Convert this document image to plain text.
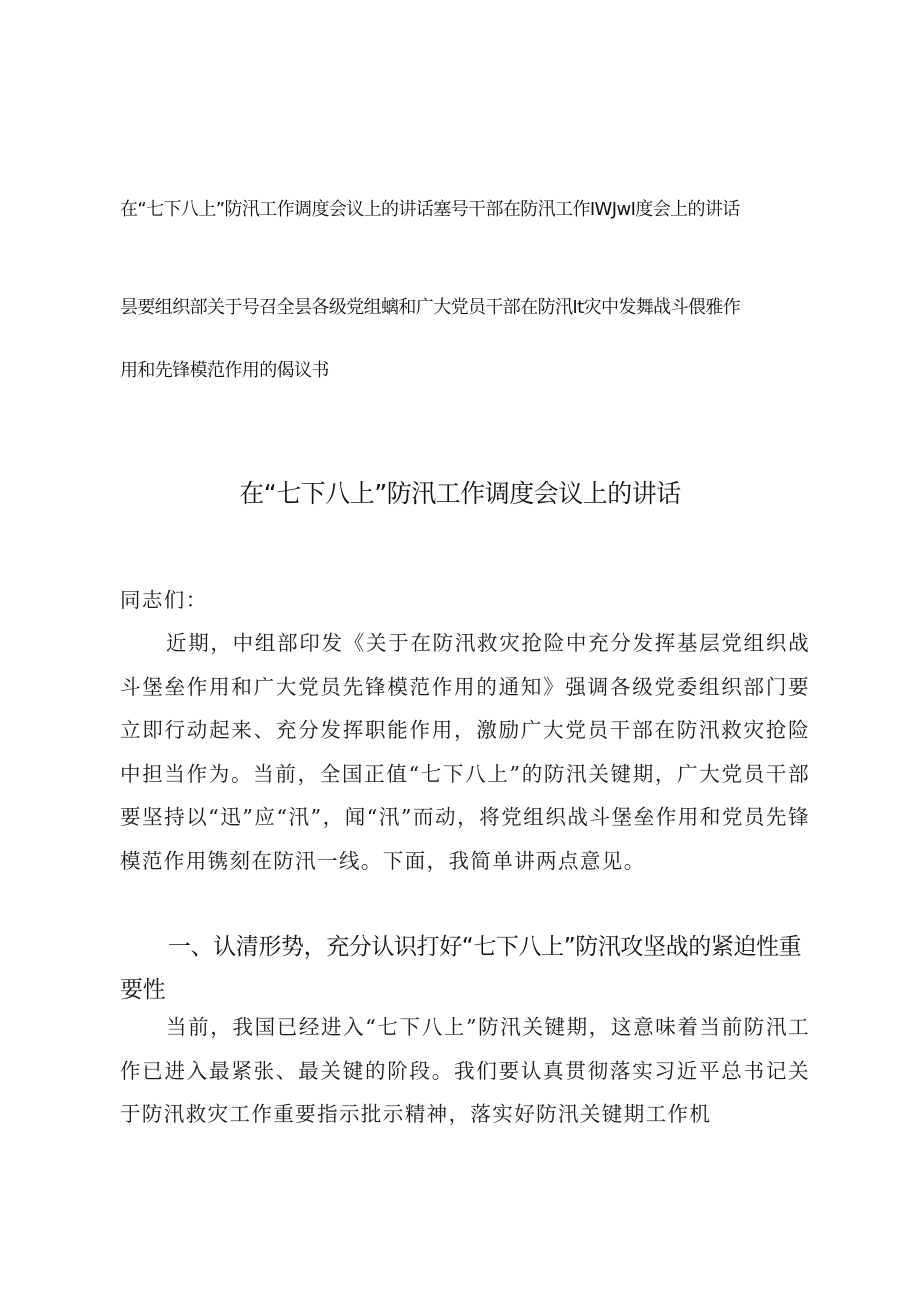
在“七下八上”防汛工作调度会议上的讲话塞号干部在防汛工作IWJwI度会上的讲话
昙要组织部关于号召全昙各级党组螭和广大党员干部在防汛It灾中发舞战斗偎雅作
用和先锋模范作用的偈议书
在“七下八上”防汛工作调度会议上的讲话
同志们：

近期，中组部印发《关于在防汛救灾抢险中充分发挥基层党组织战斗堡垒作用和广大党员先锋模范作用的通知》强调各级党委组织部门要立即行动起来、充分发挥职能作用，激励广大党员干部在防汛救灾抢险中担当作为。当前，全国正值“七下八上”的防汛关键期，广大党员干部要坚持以“迅”应“汛”，闻“汛”而动，将党组织战斗堡垒作用和党员先锋模范作用镌刻在防汛一线。下面，我简单讲两点意见。

一、认清形势，充分认识打好“七下八上”防汛攻坚战的紧迫性重要性

当前，我国已经进入“七下八上”防汛关键期，这意味着当前防汛工作已进入最紧张、最关键的阶段。我们要认真贯彻落实习近平总书记关于防汛救灾工作重要指示批示精神，落实好防汛关键期工作机
